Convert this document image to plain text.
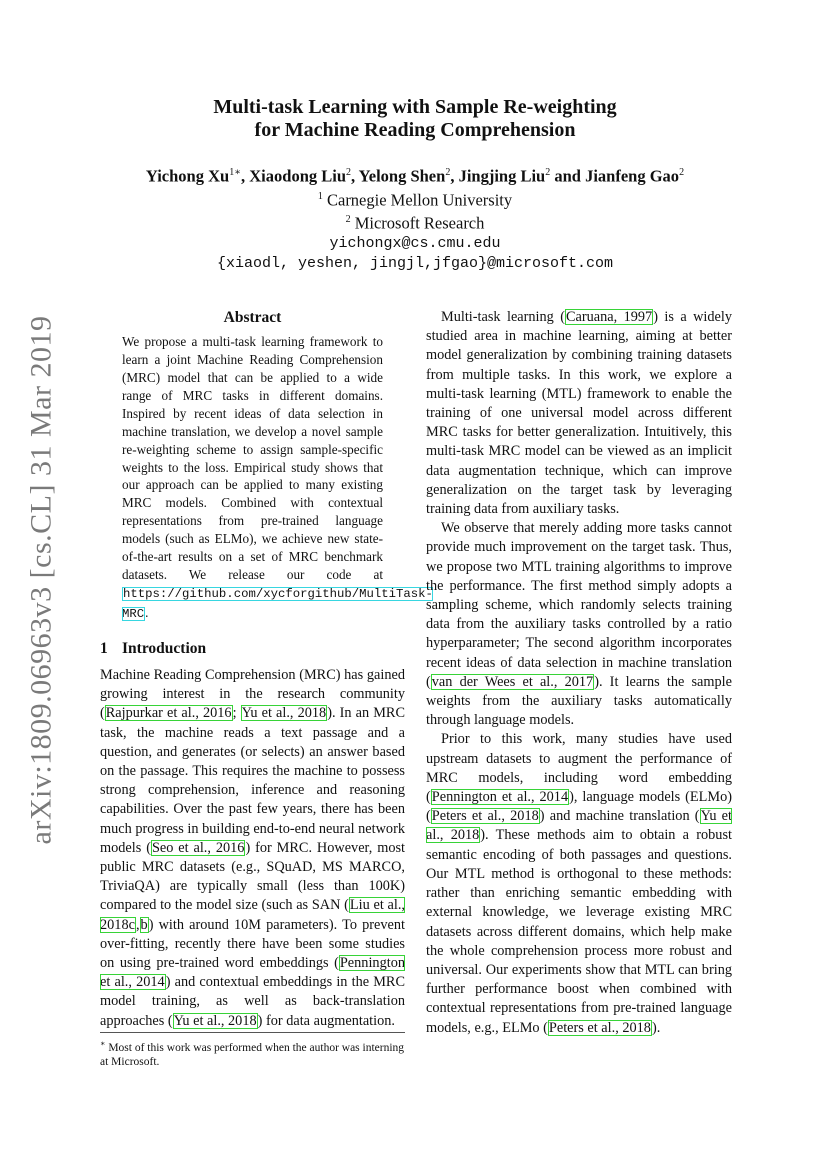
arXiv:1809.06963v3 [cs.CL] 31 Mar 2019
Multi-task Learning with Sample Re-weighting
for Machine Reading Comprehension
Yichong $Xu^{1∗}$, Xiaodong Liu$^2$, Yelong Shen$^2$, Jingjing Liu$^2$ and Jianfeng Gao$^2$
$^1$ Carnegie Mellon University
$^2$ Microsoft Research
yichongx@cs.cmu.edu
{xiaodl, yeshen, jingjl,jfgao}@microsoft.com
Abstract
We propose a multi-task learning framework to learn a joint Machine Reading Comprehension (MRC) model that can be applied to a wide range of MRC tasks in different domains. Inspired by recent ideas of data selection in machine translation, we develop a novel sample re-weighting scheme to assign sample-specific weights to the loss. Empirical study shows that our approach can be applied to many existing MRC models. Combined with contextual representations from pre-trained language models (such as ELMo), we achieve new state-of-the-art results on a set of MRC benchmark datasets. We release our code at https://github.com/xycforgithub/MultiTask-MRC.
1 Introduction

Machine Reading Comprehension (MRC) has gained growing interest in the research community (Rajpurkar et al., 2016; Yu et al., 2018). In an MRC task, the machine reads a text passage and a question, and generates (or selects) an answer based on the passage. This requires the machine to possess strong comprehension, inference and reasoning capabilities. Over the past few years, there has been much progress in building end-to-end neural network models (Seo et al., 2016) for MRC. However, most public MRC datasets (e.g., SQuAD, MS MARCO, TriviaQA) are typically small (less than 100K) compared to the model size (such as SAN (Liu et al., 2018c,b) with around 10M parameters). To prevent over-fitting, recently there have been some studies on using pre-trained word embeddings (Pennington et al., 2014) and contextual embeddings in the MRC model training, as well as back-translation approaches (Yu et al., 2018) for data augmentation.

∗ Most of this work was performed when the author was interning at Microsoft.

Multi-task learning (Caruana, 1997) is a widely studied area in machine learning, aiming at better model generalization by combining training datasets from multiple tasks. In this work, we explore a multi-task learning (MTL) framework to enable the training of one universal model across different MRC tasks for better generalization. Intuitively, this multi-task MRC model can be viewed as an implicit data augmentation technique, which can improve generalization on the target task by leveraging training data from auxiliary tasks.

We observe that merely adding more tasks cannot provide much improvement on the target task. Thus, we propose two MTL training algorithms to improve the performance. The first method simply adopts a sampling scheme, which randomly selects training data from the auxiliary tasks controlled by a ratio hyperparameter; The second algorithm incorporates recent ideas of data selection in machine translation (van der Wees et al., 2017). It learns the sample weights from the auxiliary tasks automatically through language models.

Prior to this work, many studies have used upstream datasets to augment the performance of MRC models, including word embedding (Pennington et al., 2014), language models (ELMo) (Peters et al., 2018) and machine translation (Yu et al., 2018). These methods aim to obtain a robust semantic encoding of both passages and questions. Our MTL method is orthogonal to these methods: rather than enriching semantic embedding with external knowledge, we leverage existing MRC datasets across different domains, which help make the whole comprehension process more robust and universal. Our experiments show that MTL can bring further performance boost when combined with contextual representations from pre-trained language models, e.g., ELMo (Peters et al., 2018).
